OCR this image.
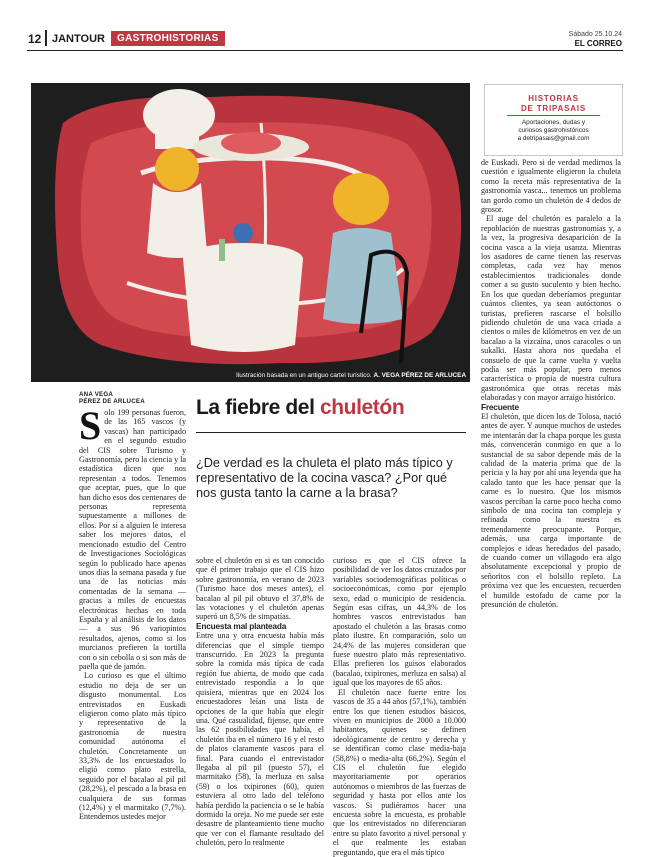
12 JANTOUR	GASTROHISTORIAS	Sábado 25.10.24
EL CORREO
Ilustración basada en un antiguo cartel turístico. A. VEGA PÉREZ DE ARLUCEA
HISTORIAS
DE TRIPASAIS
Aportaciones, dudas y
curiosos gastrohistóricos
a detripasais@gmail.com
ANA VEGA
PÉREZ DE ARLUCEA La fiebre del chuletón
¿De verdad es la chuleta el plato más típico y representativo de la cocina vasca? ¿Por qué nos gusta tanto la carne a la brasa?

Solo 199 personas fueron, de las 165 vascos (y vascas) han participado en el segundo estudio del CIS sobre Turismo y Gastronomía, pero la ciencia y la estadística dicen que nos representan a todos. Tenemos que aceptar, pues, que lo que han dicho esos dos centenares de personas representa supuestamente a millones de ellos. Por si a alguien le interesa saber los mejores datos, el mencionado estudio del Centro de Investigaciones Sociológicas según lo publicado hace apenas unos días la semana pasada y fue una de las noticias más comentadas de la semana —gracias a miles de encuestas electrónicas hechas en toda España y al análisis de los datos— a sus 96 variopintos resultados, ajenos, como si los murcianos prefieren la tortilla con o sin cebolla o si son más de paella que de jamón.

Lo curioso es que el último estudio no deja de ser un disgusto monumental. Los entrevistados en Euskadi eligieron como plato más típico y representativo de la gastronomía de nuestra comunidad autónoma el chuletón. Concretamente un 33,3% de los encuestados lo eligió como plato estrella, seguido por el bacalao al pil pil (28,2%), el pescado a la brasa en cualquiera de sus formas (12,4%) y el marmitako (7,7%). Entendemos ustedes mejor

sobre el chuletón en si es tan conocido que él primer trabajo que el CIS hizo sobre gastronomía, en verano de 2023 (Turismo hace dos meses antes), el bacalao al pil pil obtuvo el 37,8% de las votaciones y el chuletón apenas superó un 8,5% de simpatías.

Encuesta mal planteada

Entre una y otra encuesta había más diferencias que el simple tiempo transcurrido. En 2023 la pregunta sobre la comida más típica de cada región fue abierta, de modo que cada entrevistado respondía a lo que quisiera, mientras que en 2024 los encuestadores leían una lista de opciones de la que había que elegir una. Qué casualidad, fijense, que entre las 62 posibilidades que había, el chuletón iba en el número 16 y el resto de platos claramente vascos para el final. Para cuando el entrevistador llegaba al pil pil (puesto 57), el marmitako (58), la merluza en salsa (59) o los txipirones (60), quien estuviera al otro lado del teléfono había perdido la paciencia o se le había dormido la oreja. No me puede ser este desastre de planteamiento tiene mucho que ver con el flamante resultado del chuletón, pero lo realmente

curioso es que el CIS ofrece la posibilidad de ver los datos cruzados por variables sociodemográficas políticas o socioeconómicas, como por ejemplo sexo, edad o municipio de residencia. Según esas cifras, un 44,3% de los hombres vascos entrevistados han apostado el chuletón a las brasas como plato ilustre. En comparación, solo un 24,4% de las mujeres consideran que fuese nuestro plato más representativo. Ellas prefieren los guisos elaborados (bacalao, txipirones, merluza en salsa) al igual que los mayores de 65 años.

El chuletón nace fuerte entre los vascos de 35 a 44 años (57,1%), también entre los que tienen estudios básicos, viven en municipios de 2000 a 10.000 habitantes, quienes se definen ideológicamente de centro y derecha y se identifican como clase media-baja (58,8%) o media-alta (66,2%). Según el CIS el chuletón fue elegido mayoritariamente por operarios autónomos o miembros de las fuerzas de seguridad y hasta por ellos ante los vascos. Si pudiéramos hacer una encuesta sobre la encuesta, es probable que los entrevistados no diferenciaran entre su plato favorito a nivel personal y el que realmente les estaban preguntando, que era el más típico

de Euskadi. Pero si de verdad medirnos la cuestión e igualmente eligieron la chuleta como la receta más representativa de la gastronomía vasca... tenemos un problema tan gordo como un chuletón de 4 dedos de grosor.

El auge del chuletón es paralelo a la repoblación de nuestras gastronomías y, a la vez, la progresiva desaparición de la cocina vasca a la vieja usanza. Mientras los asadores de carne tienen las reservas completas, cada vez hay menos establecimientos tradicionales donde comer a su gusto suculento y bien hecho. En los que quedan deberíamos preguntar cuántos clientes, ya sean autóctonos o turistas, prefieren rascarse el bolsillo pidiendo chuletón de una vaca criada a cientos o miles de kilómetros en vez de un bacalao a la vizcaína, unos caracoles o un sukalki. Hasta ahora nos quedaba el consuelo de que la carne vuelta y vuelta podía ser más popular, pero menos característica o propia de nuestra cultura gastronómica que otras recetas más elaboradas y con mayor arraigo histórico.

Frecuente

El chuletón, que dicen los de Tolosa, nació antes de ayer. Y aunque muchos de ustedes me intentarán dar la chapa porque les gusta más, convencerán conmigo en que a lo sustancial de su sabor depende más de la calidad de la materia prima que de la pericia y la hay por ahí una leyenda que ha calado tanto que les hace pensar que la carne es lo nuestro. Que los mismos vascos perciban la carne poco hecha como símbolo de una cocina tan compleja y refinada como la nuestra es tremendamente preocupante. Porque, además, una carga importante de complejos e ideas heredados del pasado, de cuando comer un villagodo era algo absolutamente excepcional y propio de señoritos con el bolsillo repleto. La próxima vez que les encuesten, recuerden el humilde estofado de carne por la presunción de chuletón.
